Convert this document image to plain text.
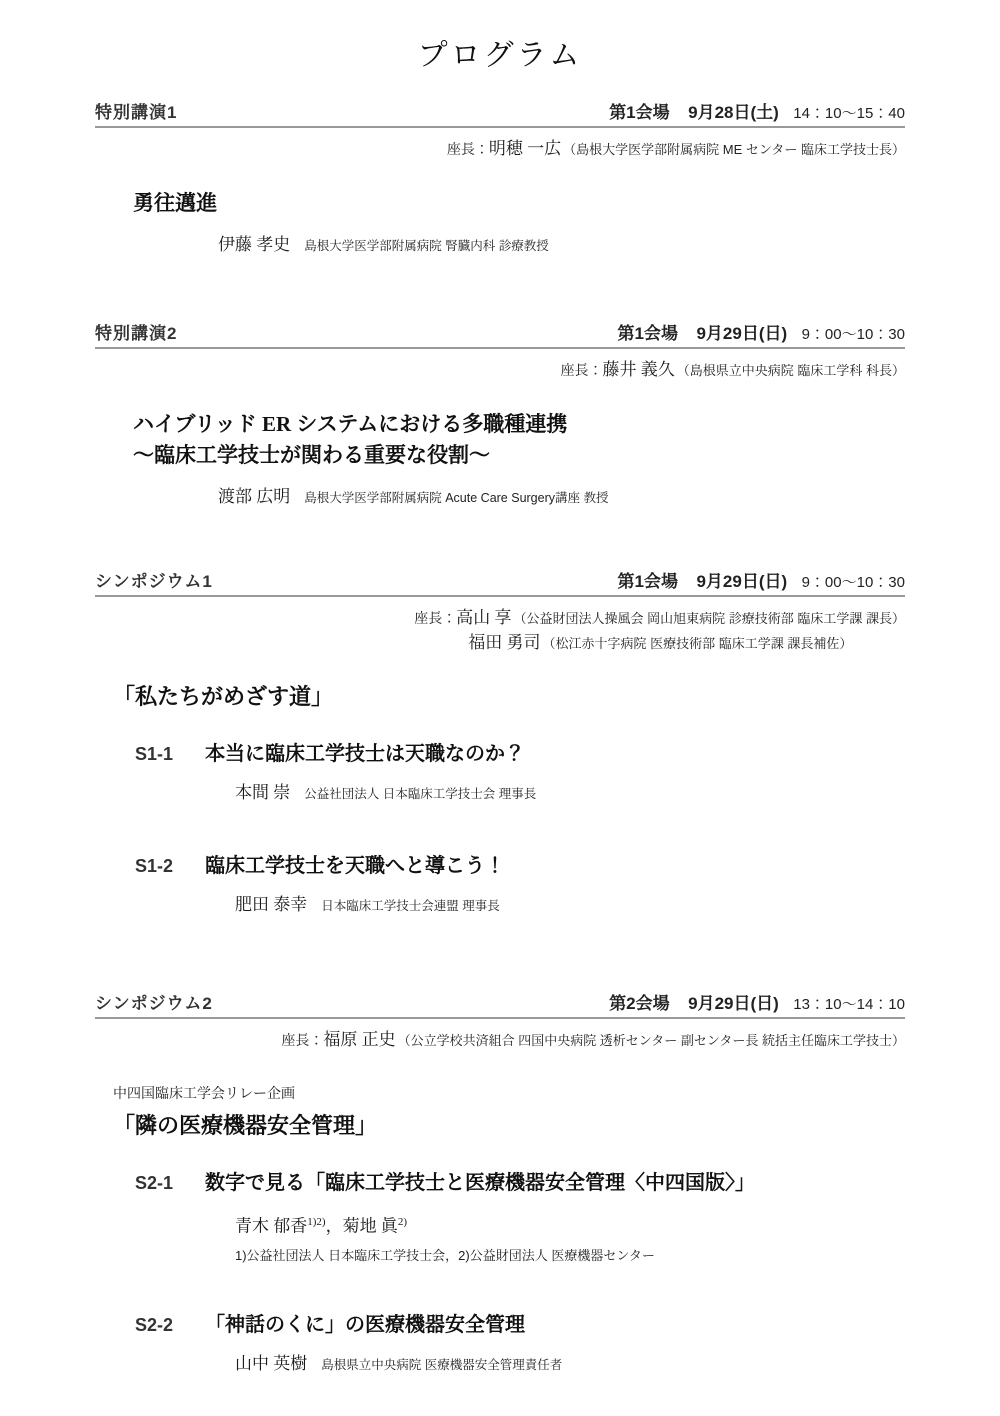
プログラム
特別講演1	第1会場 9月28日(土) 14：10～15：40
座長：明穂 一広 （島根大学医学部附属病院 ME センター 臨床工学技士長）
勇往邁進
伊藤 孝史 島根大学医学部附属病院 腎臓内科 診療教授
特別講演2	第1会場 9月29日(日) 9：00～10：30
座長：藤井 義久 （島根県立中央病院 臨床工学科 科長）
ハイブリッド ER システムにおける多職種連携
～臨床工学技士が関わる重要な役割～
渡部 広明 島根大学医学部附属病院 Acute Care Surgery講座 教授
シンポジウム1	第1会場 9月29日(日) 9：00～10：30
座長：高山 享 （公益財団法人操風会 岡山旭東病院 診療技術部 臨床工学課 課長）
福田 勇司 （松江赤十字病院 医療技術部 臨床工学課 課長補佐）
「私たちがめざす道」
S1-1	本当に臨床工学技士は天職なのか？
本間 崇 公益社団法人 日本臨床工学技士会 理事長
S1-2	臨床工学技士を天職へと導こう！
肥田 泰幸 日本臨床工学技士会連盟 理事長
シンポジウム2	第2会場 9月29日(日) 13：10～14：10
座長：福原 正史 （公立学校共済組合 四国中央病院 透析センター 副センター長 統括主任臨床工学技士）
中四国臨床工学会リレー企画
「隣の医療機器安全管理」
S2-1	数字で見る「臨床工学技士と医療機器安全管理〈中四国版〉」
青木 郁香$^{1)2)}$，菊地 眞$^{2)}$
1)公益社団法人 日本臨床工学技士会，2)公益財団法人 医療機器センター
S2-2	「神話のくに」の医療機器安全管理
山中 英樹 島根県立中央病院 医療機器安全管理責任者
